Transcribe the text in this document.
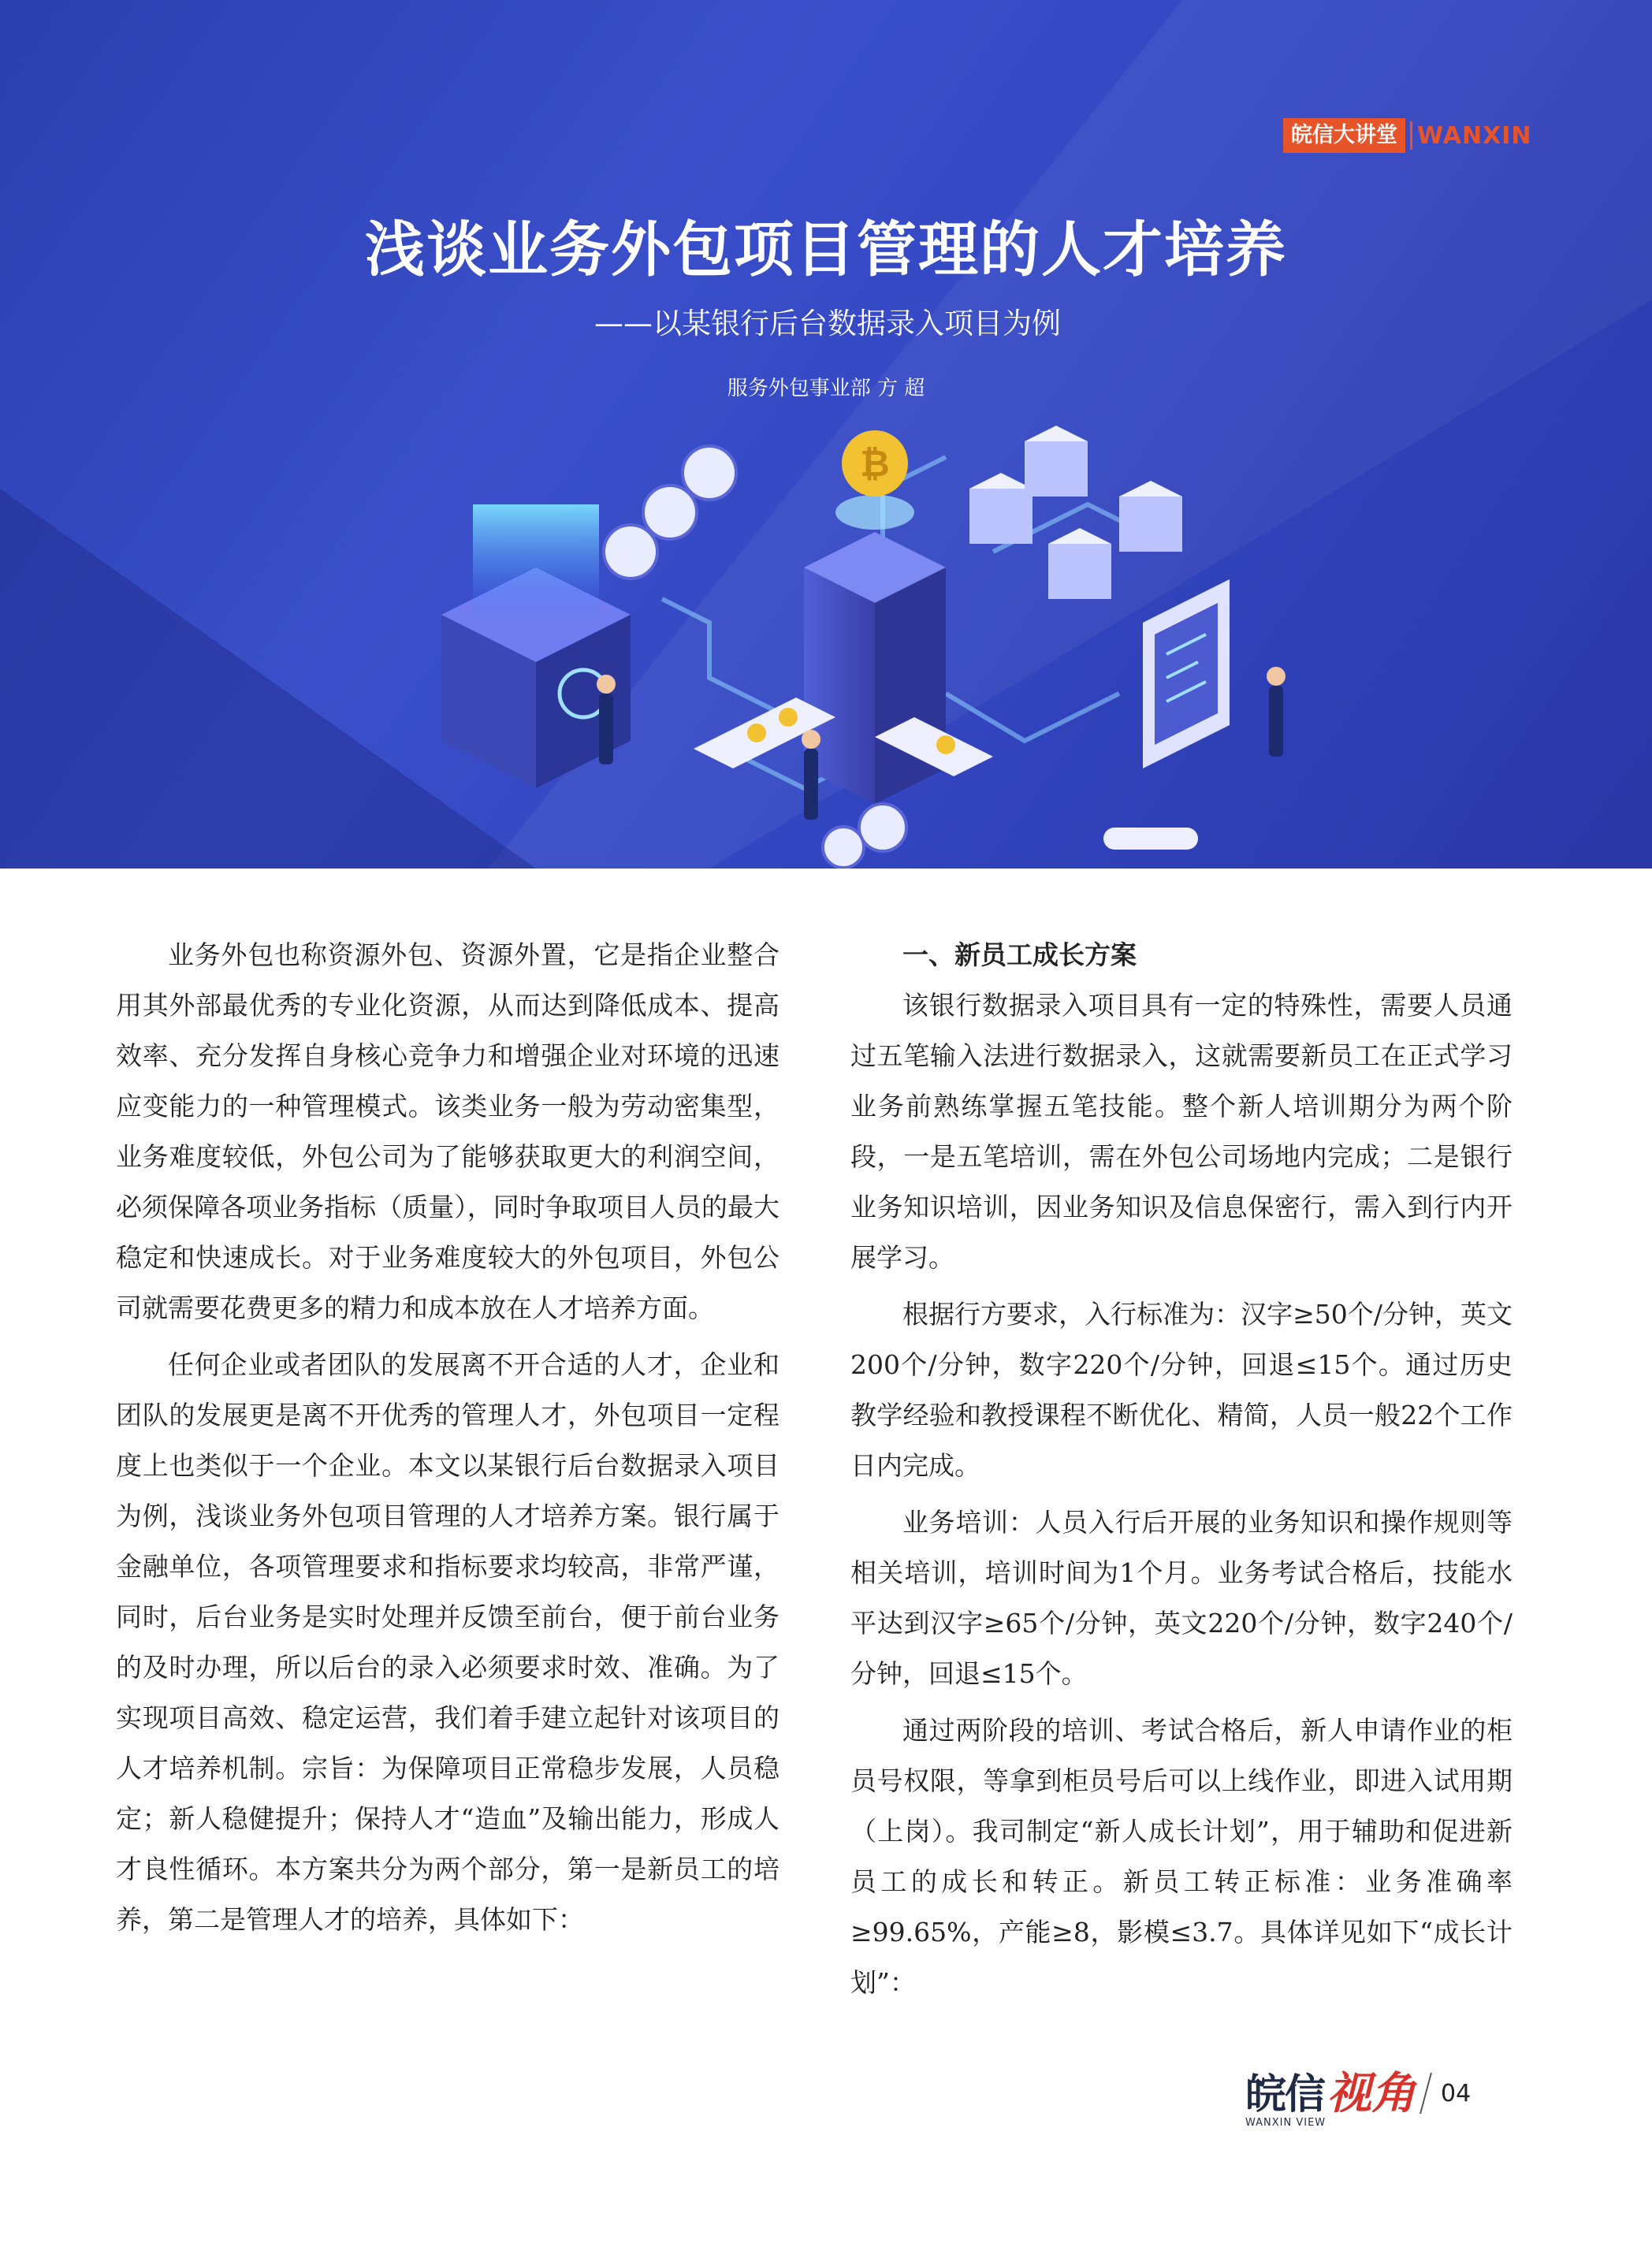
₿
皖信大讲堂 WANXIN
浅谈业务外包项目管理的人才培养

——以某银行后台数据录入项目为例

服务外包事业部 方 超

业务外包也称资源外包、资源外置，它是指企业整合用其外部最优秀的专业化资源，从而达到降低成本、提高效率、充分发挥自身核心竞争力和增强企业对环境的迅速应变能力的一种管理模式。该类业务一般为劳动密集型，业务难度较低，外包公司为了能够获取更大的利润空间，必须保障各项业务指标（质量），同时争取项目人员的最大稳定和快速成长。对于业务难度较大的外包项目，外包公司就需要花费更多的精力和成本放在人才培养方面。

任何企业或者团队的发展离不开合适的人才，企业和团队的发展更是离不开优秀的管理人才，外包项目一定程度上也类似于一个企业。本文以某银行后台数据录入项目为例，浅谈业务外包项目管理的人才培养方案。银行属于金融单位，各项管理要求和指标要求均较高，非常严谨，同时，后台业务是实时处理并反馈至前台，便于前台业务的及时办理，所以后台的录入必须要求时效、准确。为了实现项目高效、稳定运营，我们着手建立起针对该项目的人才培养机制。宗旨：为保障项目正常稳步发展，人员稳定；新人稳健提升；保持人才“造血”及输出能力，形成人才良性循环。本方案共分为两个部分，第一是新员工的培养，第二是管理人才的培养，具体如下：

一、新员工成长方案

该银行数据录入项目具有一定的特殊性，需要人员通过五笔输入法进行数据录入，这就需要新员工在正式学习业务前熟练掌握五笔技能。整个新人培训期分为两个阶段，一是五笔培训，需在外包公司场地内完成；二是银行业务知识培训，因业务知识及信息保密行，需入到行内开展学习。

根据行方要求，入行标准为：汉字≥50个/分钟，英文200个/分钟，数字220个/分钟，回退≤15个。通过历史教学经验和教授课程不断优化、精简，人员一般22个工作日内完成。

业务培训：人员入行后开展的业务知识和操作规则等相关培训，培训时间为1个月。业务考试合格后，技能水平达到汉字≥65个/分钟，英文220个/分钟，数字240个/分钟，回退≤15个。

通过两阶段的培训、考试合格后，新人申请作业的柜员号权限，等拿到柜员号后可以上线作业，即进入试用期（上岗）。我司制定“新人成长计划”，用于辅助和促进新员工的成长和转正。新员工转正标准：业务准确率≥99.65%，产能≥8，影模≤3.7。具体详见如下“成长计划”：

皖信 视角
WANXIN VIEW
04
